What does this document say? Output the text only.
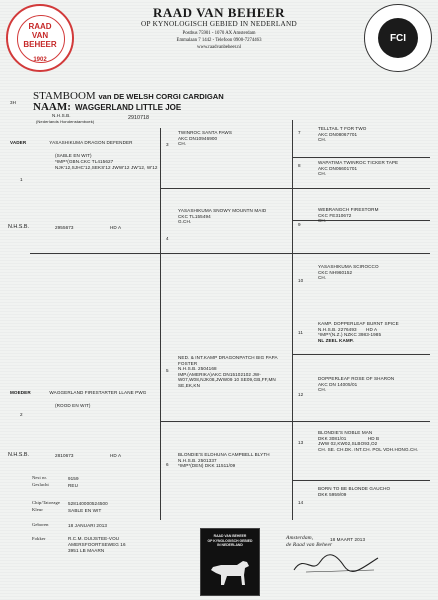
RAAD
VAN
BEHEER
1902
FCI
RAAD VAN BEHEER
OP KYNOLOGISCH GEBIED IN NEDERLAND
Postbus 75901 - 1070 AX Amsterdam
Emmalaan 7 1442 - Telefoon 0900-7274463
www.raadvanbeheer.nl
3H
STAMBOOM van DE WELSH CORGI CARDIGAN
NAAM: WAGGERLAND LITTLE JOE
N.H.S.B.
(Nederlands Hondenstamboek)
2910718
VADER	YASASHIKUMA DRAGON DEFENDER
(SABLE EN WIT)
*IMP*(GBN.CKC TL415627 NJK'12,SJHC'12,SEKS'12 JWW'12 JW'12, W'12
1
N.H.S.B.	2955673	HD A
MOEDER	WAGGERLAND FIRESTARTER LLANE PWG
(ROOD EN WIT)
2
N.H.S.B.	2810673	HD A
3
TWINROC SANTA PAWS
AKC DN10946900
CH.
4
YASASHIKUMA SNOWY MOUNTN MAID
CKC TL155494
G.CH.
5
NED. & INT.KAMP DRAGONPATCH BIG PAPA FOSTER
N.H.S.B. 2504168
IMP.(AMERIKA)AKC DN15102102 JW-W07,W08,NJK08,JWW09 10 SE09,GB,FF,MN SE,EK,KN
6
BLONDIE'S ELDHUNA CAMPBELL BLYTH
N.H.S.B. 2501337
*IMP*(DEN) DKK 11511/09
7
TELLTAIL T FOR TWO
AKC DN08067701
CH.
8
WAPATIMA TWINROC TICKER TAPE
AKC DN06601701
CH.
9
WEBRANGCH FIRESTORM
CKC FE310672
CH.
10
YASASHIKUMA SCIROCCO
CKC NH960152
CH.
11
KAMP. DOPPERLEAF BURNT SPICE
N.H.S.B. 2276493 HD A
*IMP*(N.Z.) NZKC 3983-1985
NL ZEEL KAMP.
12
DOPPERLEAF ROSE OF SHARON
AKC DN 14005/01
CH.
13
BLONDIE'S NOBLE MAN
DKK 3081/01	HD B
JWW 02,KW02,SLBO93,O2
CH. SE. CH.DK. INT.CH. POL VDH.HONG.CH.
14
BORN TO BE BLONDE GAUCHO
DKK 5959/09
Nest nr.	9159
Geslacht	REU
Chip/Tatoeage 528140000524500
Kleur	SABLE EN WIT
Geboren	18 JANUARI 2013
Fokker	R.C.M. DUIJSTEE-VOU
AMERSFOORTSEWEG 16
3951 LB MAARN
RAAD VAN BEHEER
OP KYNOLOGISCH GEBIED
IN NEDERLAND
Amsterdam,	18 MAART 2013
de Raad van Beheer
